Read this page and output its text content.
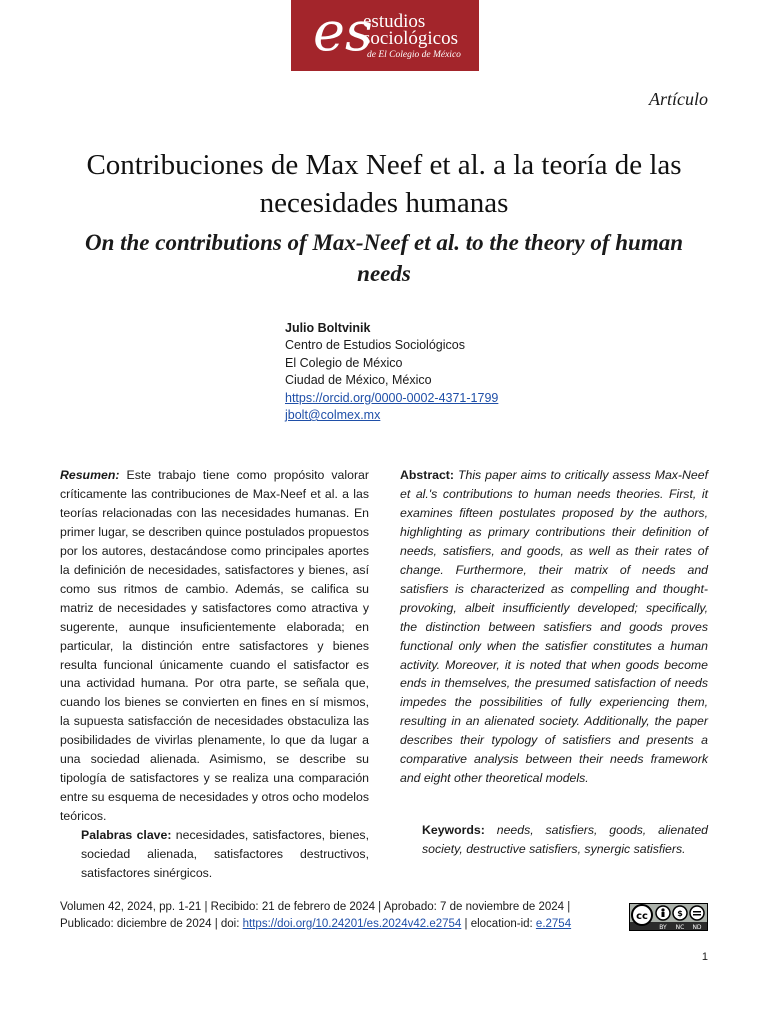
es
estudios
sociológicos
de El Colegio de México
Artículo
Contribuciones de Max Neef et al. a la teoría de las necesidades humanas
On the contributions of Max-Neef et al. to the theory of human needs
Julio Boltvinik
Centro de Estudios Sociológicos
El Colegio de México
Ciudad de México, México
https://orcid.org/0000-0002-4371-1799
jbolt@colmex.mx
Resumen: Este trabajo tiene como propósito valorar críticamente las contribuciones de Max-Neef et al. a las teorías relacionadas con las necesidades humanas. En primer lugar, se describen quince postulados propuestos por los autores, destacándose como principales aportes la definición de necesidades, satisfactores y bienes, así como sus ritmos de cambio. Además, se califica su matriz de necesidades y satisfactores como atractiva y sugerente, aunque insuficientemente elaborada; en particular, la distinción entre satisfactores y bienes resulta funcional únicamente cuando el satisfactor es una actividad humana. Por otra parte, se señala que, cuando los bienes se convierten en fines en sí mismos, la supuesta satisfacción de necesidades obstaculiza las posibilidades de vivirlas plenamente, lo que da lugar a una sociedad alienada. Asimismo, se describe su tipología de satisfactores y se realiza una comparación entre su esquema de necesidades y otros ocho modelos teóricos.
Abstract: This paper aims to critically assess Max-Neef et al.'s contributions to human needs theories. First, it examines fifteen postulates proposed by the authors, highlighting as primary contributions their definition of needs, satisfiers, and goods, as well as their rates of change. Furthermore, their matrix of needs and satisfiers is characterized as compelling and thought-provoking, albeit insufficiently developed; specifically, the distinction between satisfiers and goods proves functional only when the satisfier constitutes a human activity. Moreover, it is noted that when goods become ends in themselves, the presumed satisfaction of needs impedes the possibilities of fully experiencing them, resulting in an alienated society. Additionally, the paper describes their typology of satisfiers and presents a comparative analysis between their needs framework and eight other theoretical models.
Palabras clave: necesidades, satisfactores, bienes, sociedad alienada, satisfactores destructivos, satisfactores sinérgicos.
Keywords: needs, satisfiers, goods, alienated society, destructive satisfiers, synergic satisfiers.
Volumen 42, 2024, pp. 1-21 | Recibido: 21 de febrero de 2024 | Aprobado: 7 de noviembre de 2024 |
Publicado: diciembre de 2024 | doi: https://doi.org/10.24201/es.2024v42.e2754 | elocation-id: e.2754
cc	$
BY NC ND
1
